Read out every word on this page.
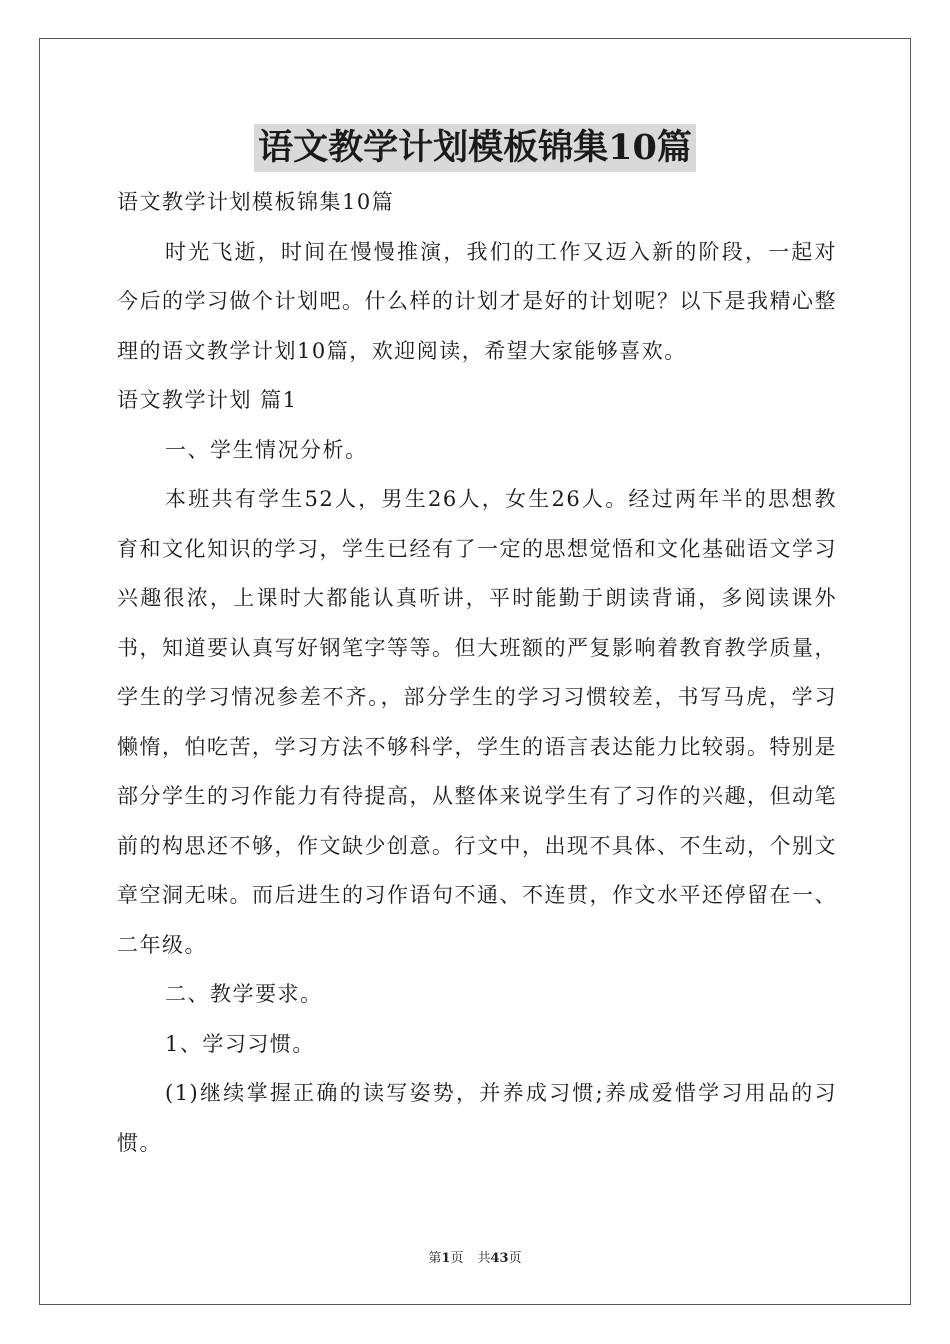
语文教学计划模板锦集10篇

语文教学计划模板锦集10篇

时光飞逝，时间在慢慢推演，我们的工作又迈入新的阶段，一起对今后的学习做个计划吧。什么样的计划才是好的计划呢？以下是我精心整理的语文教学计划10篇，欢迎阅读，希望大家能够喜欢。

语文教学计划 篇1

一、学生情况分析。

本班共有学生52人，男生26人，女生26人。经过两年半的思想教育和文化知识的学习，学生已经有了一定的思想觉悟和文化基础语文学习兴趣很浓，上课时大都能认真听讲，平时能勤于朗读背诵，多阅读课外书，知道要认真写好钢笔字等等。但大班额的严复影响着教育教学质量，学生的学习情况参差不齐。，部分学生的学习习惯较差，书写马虎，学习懒惰，怕吃苦，学习方法不够科学，学生的语言表达能力比较弱。特别是部分学生的习作能力有待提高，从整体来说学生有了习作的兴趣，但动笔前的构思还不够，作文缺少创意。行文中，出现不具体、不生动，个别文章空洞无味。而后进生的习作语句不通、不连贯，作文水平还停留在一、二年级。

二、教学要求。

1、学习习惯。

(1)继续掌握正确的读写姿势，并养成习惯;养成爱惜学习用品的习惯。

第1页 共43页
